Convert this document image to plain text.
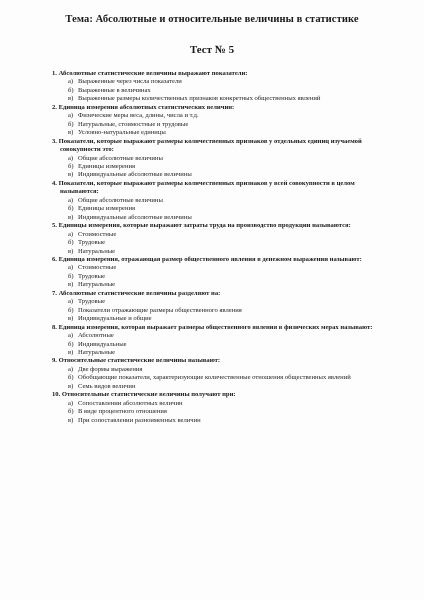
Тема: Абсолютные и относительные величины в статистике
Тест № 5
1. Абсолютные статистические величины выражают показатели:
а) Выраженные через числа показатели
б) Выраженные в величинах
в) Выраженные размеры количественных признаков конкретных общественных явлений
2. Единица измерения абсолютных статистических величин:
а) Физические меры веса, длины, числа и т.д.
б) Натуральные, стоимостные и трудовые
в) Условно-натуральные единицы
3. Показатели, которые выражают размеры количественных признаков у отдельных единиц изучаемой совокупности это:
а) Общие абсолютные величины
б) Единицы измерения
в) Индивидуальные абсолютные величины
4. Показатели, которые выражают размеры количественных признаков у всей совокупности в целом называются:
а) Общие абсолютные величины
б) Единицы измерения
в) Индивидуальные абсолютные величины
5. Единицы измерения, которые выражают затраты труда на производство продукции называются:
а) Стоимостные
б) Трудовые
в) Натуральные
6. Единица измерения, отражающая размер общественного явления в денежном выражении называют:
а) Стоимостные
б) Трудовые
в) Натуральные
7. Абсолютные статистические величины разделяют на:
а) Трудовые
б) Показатели отражающие размеры общественного явления
в) Индивидуальные и общие
8. Единица измерения, которая выражает размеры общественного явления в физических мерах называют:
а) Абсолютные
б) Индивидуальные
в) Натуральные
9. Относительные статистические величины называют:
а) Две формы выражения
б) Обобщающие показатели, характеризующие количественные отношения общественных явлений
в) Семь видов величин
10. Относительные статистические величины получают при:
а) Сопоставлении абсолютных величин
б) В виде процентного отношения
в) При сопоставлении разноименных величин
